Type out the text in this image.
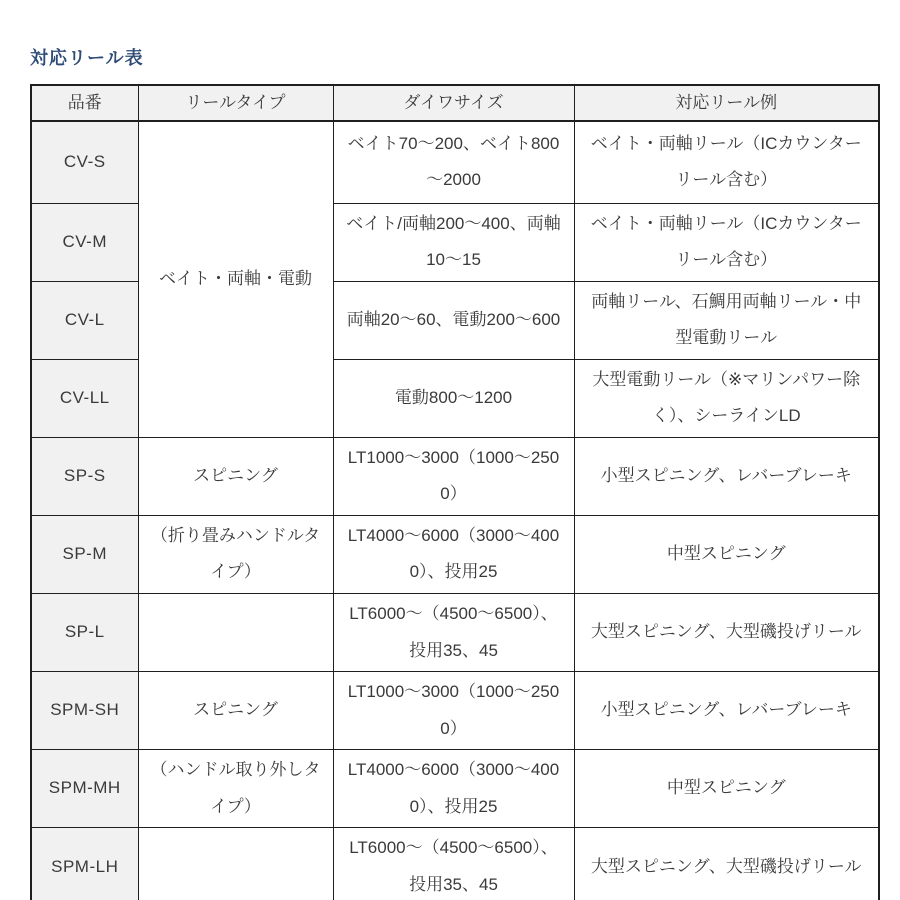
対応リール表
品番	リールタイプ	ダイワサイズ	対応リール例
CV-S	ベイト・両軸・電動	ベイト70～200、ベイト800～2000	ベイト・両軸リール（ICカウンターリール含む）
CV-M		ベイト/両軸200～400、両軸10～15	ベイト・両軸リール（ICカウンターリール含む）
CV-L		両軸20～60、電動200～600	両軸リール、石鯛用両軸リール・中型電動リール
CV-LL		電動800～1200	大型電動リール（※マリンパワー除く）、シーラインLD
SP-S	スピニング	LT1000～3000（1000～2500）	小型スピニング、レバーブレーキ
SP-M	（折り畳みハンドルタイプ）	LT4000～6000（3000～4000）、投用25	中型スピニング
SP-L		LT6000～（4500～6500）、投用35、45	大型スピニング、大型磯投げリール
SPM-SH	スピニング	LT1000～3000（1000～2500）	小型スピニング、レバーブレーキ
SPM-MH	（ハンドル取り外しタイプ）	LT4000～6000（3000～4000）、投用25	中型スピニング
SPM-LH		LT6000～（4500～6500）、投用35、45	大型スピニング、大型磯投げリール
